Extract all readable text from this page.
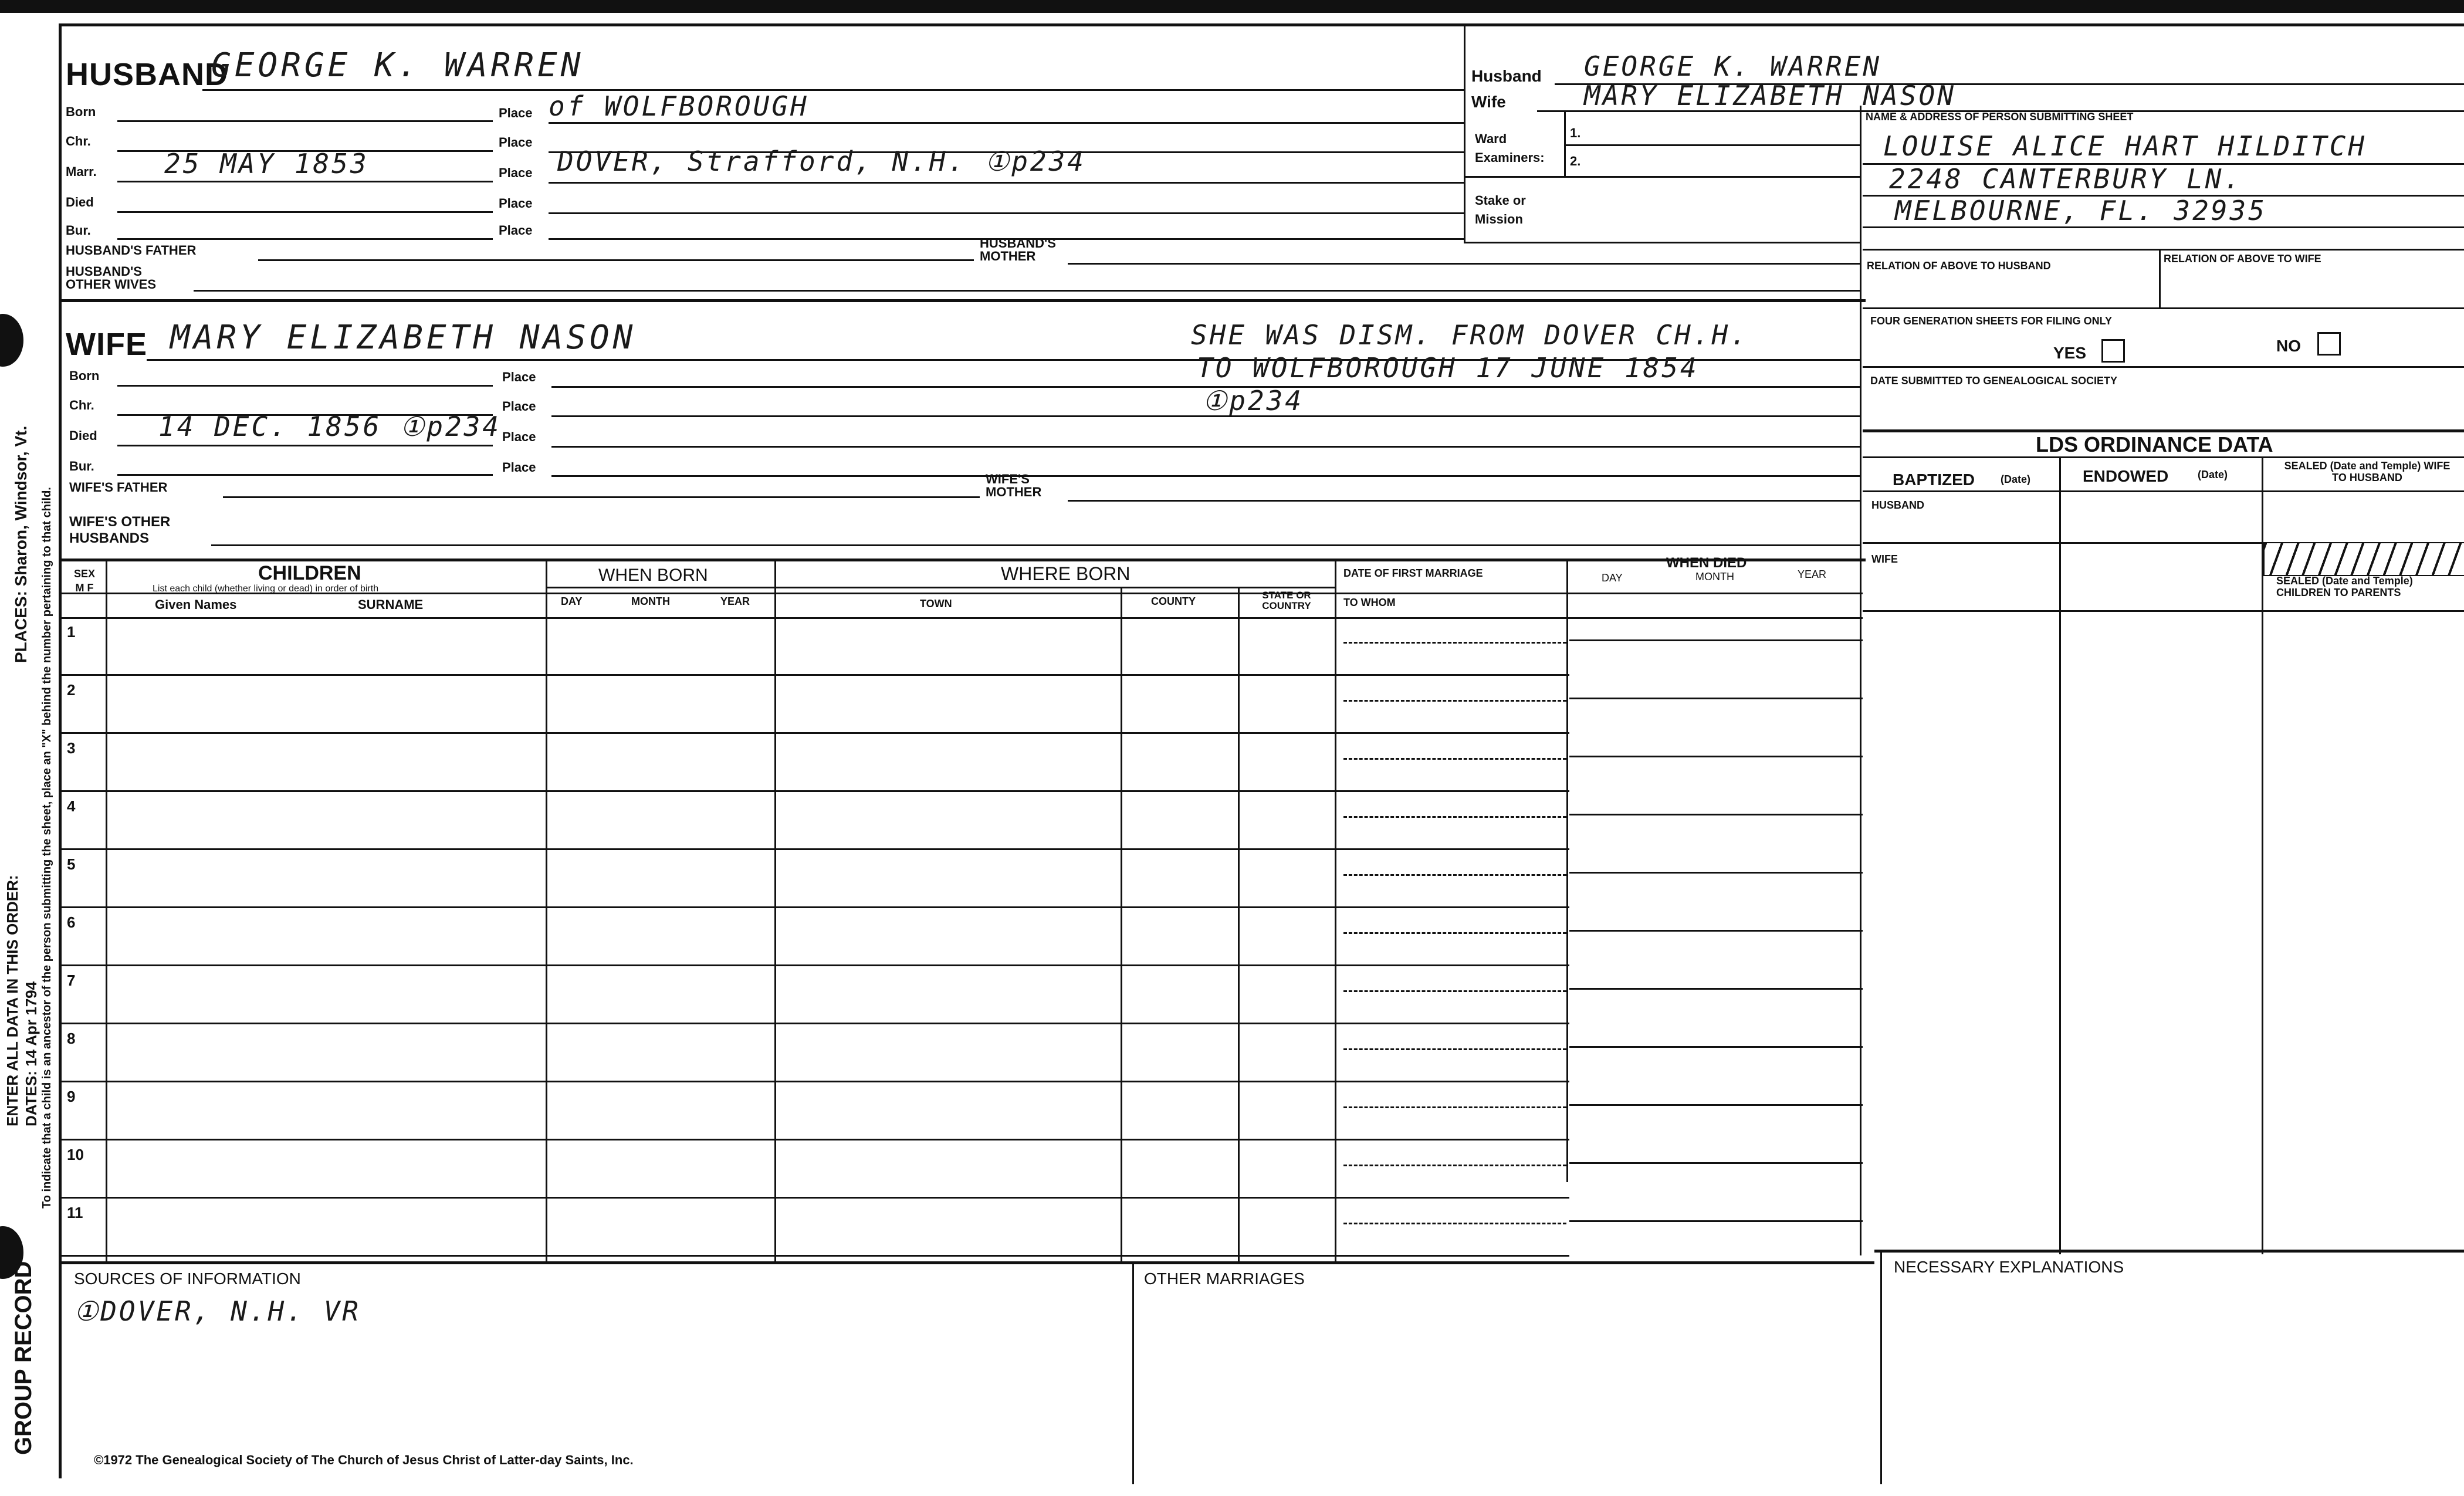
GROUP RECORD
ENTER ALL DATA IN THIS ORDER: DATES: 14 Apr 1794
PLACES: Sharon, Windsor, Vt. To indicate that a child is an ancestor of the person submitting the sheet, place an "X" behind the number pertaining to that child.
HUSBAND
GEORGE K. WARREN
Born	Place of WOLFBOROUGH
Chr.	Place
Marr.	25 MAY 1853	Place DOVER, Strafford, N.H. ①p234
Died	Place
Bur.	Place
HUSBAND'S FATHER	HUSBAND'S MOTHER
HUSBAND'S OTHER WIVES
WIFE MARY ELIZABETH NASON	SHE WAS DISM. FROM DOVER CH.H.
TO WOLFBOROUGH 17 JUNE 1854
①p234
Born	Place
Chr.	Place
Died 14 DEC. 1856 ①p234 Place
Bur.	Place
WIFE'S FATHER
WIFE'S MOTHER
WIFE'S OTHER HUSBANDS
Husband GEORGE K. WARREN
Wife	MARY ELIZABETH NASON
Ward
Examiners:
1.
2.
Stake or Mission
NAME & ADDRESS OF PERSON SUBMITTING SHEET
LOUISE ALICE HART HILDITCH
2248 CANTERBURY LN.
MELBOURNE, FL. 32935
RELATION OF ABOVE TO HUSBAND
RELATION OF ABOVE TO WIFE
FOUR GENERATION SHEETS FOR FILING ONLY
YES	NO
DATE SUBMITTED TO GENEALOGICAL SOCIETY
LDS ORDINANCE DATA
BAPTIZED (Date)	ENDOWED	(Date)
SEALED (Date and Temple) WIFE TO HUSBAND
HUSBAND
WIFE
SEALED (Date and Temple) CHILDREN TO PARENTS
SEX M F
CHILDREN
List each child (whether living or dead) in order of birth
Given Names	SURNAME
WHEN BORN
DAY	MONTH	YEAR
WHERE BORN
TOWN	COUNTY
STATE OR COUNTRY
DATE OF FIRST MARRIAGE
TO WHOM
WHEN DIED
DAY	MONTH	YEAR
1
2
3
4
5
6
7
8
9
10
11
SOURCES OF INFORMATION
①DOVER, N.H. VR
OTHER MARRIAGES
NECESSARY EXPLANATIONS
©1972 The Genealogical Society of The Church of Jesus Christ of Latter-day Saints, Inc.
